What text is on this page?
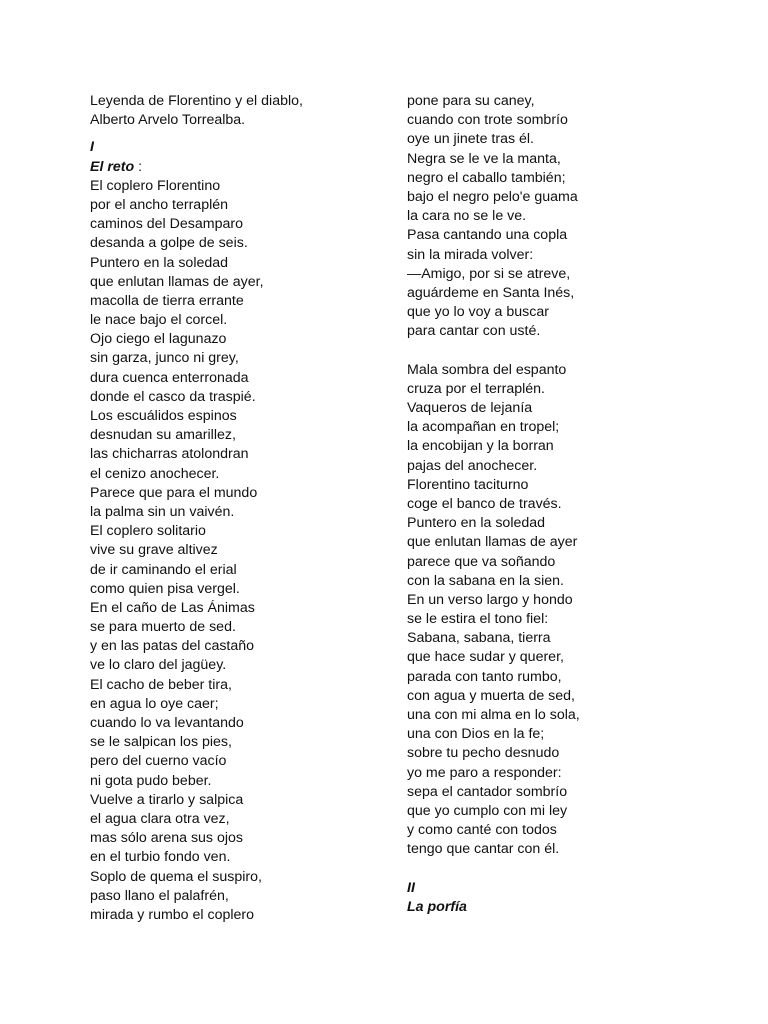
Leyenda de Florentino y el diablo,
Alberto Arvelo Torrealba.
I
El reto :
El coplero Florentino
por el ancho terraplén
caminos del Desamparo
desanda a golpe de seis.
Puntero en la soledad
que enlutan llamas de ayer,
macolla de tierra errante
le nace bajo el corcel.
Ojo ciego el lagunazo
sin garza, junco ni grey,
dura cuenca enterronada
donde el casco da traspié.
Los escuálidos espinos
desnudan su amarillez,
las chicharras atolondran
el cenizo anochecer.
Parece que para el mundo
la palma sin un vaivén.
El coplero solitario
vive su grave altivez
de ir caminando el erial
como quien pisa vergel.
En el caño de Las Ánimas
se para muerto de sed.
y en las patas del castaño
ve lo claro del jagüey.
El cacho de beber tira,
en agua lo oye caer;
cuando lo va levantando
se le salpican los pies,
pero del cuerno vacío
ni gota pudo beber.
Vuelve a tirarlo y salpica
el agua clara otra vez,
mas sólo arena sus ojos
en el turbio fondo ven.
Soplo de quema el suspiro,
paso llano el palafrén,
mirada y rumbo el coplero
pone para su caney,
cuando con trote sombrío
oye un jinete tras él.
Negra se le ve la manta,
negro el caballo también;
bajo el negro pelo'e guama
la cara no se le ve.
Pasa cantando una copla
sin la mirada volver:
—Amigo, por si se atreve,
aguárdeme en Santa Inés,
que yo lo voy a buscar
para cantar con usté.
Mala sombra del espanto
cruza por el terraplén.
Vaqueros de lejanía
la acompañan en tropel;
la encobijan y la borran
pajas del anochecer.
Florentino taciturno
coge el banco de través.
Puntero en la soledad
que enlutan llamas de ayer
parece que va soñando
con la sabana en la sien.
En un verso largo y hondo
se le estira el tono fiel:
Sabana, sabana, tierra
que hace sudar y querer,
parada con tanto rumbo,
con agua y muerta de sed,
una con mi alma en lo sola,
una con Dios en la fe;
sobre tu pecho desnudo
yo me paro a responder:
sepa el cantador sombrío
que yo cumplo con mi ley
y como canté con todos
tengo que cantar con él.
II
La porfía
